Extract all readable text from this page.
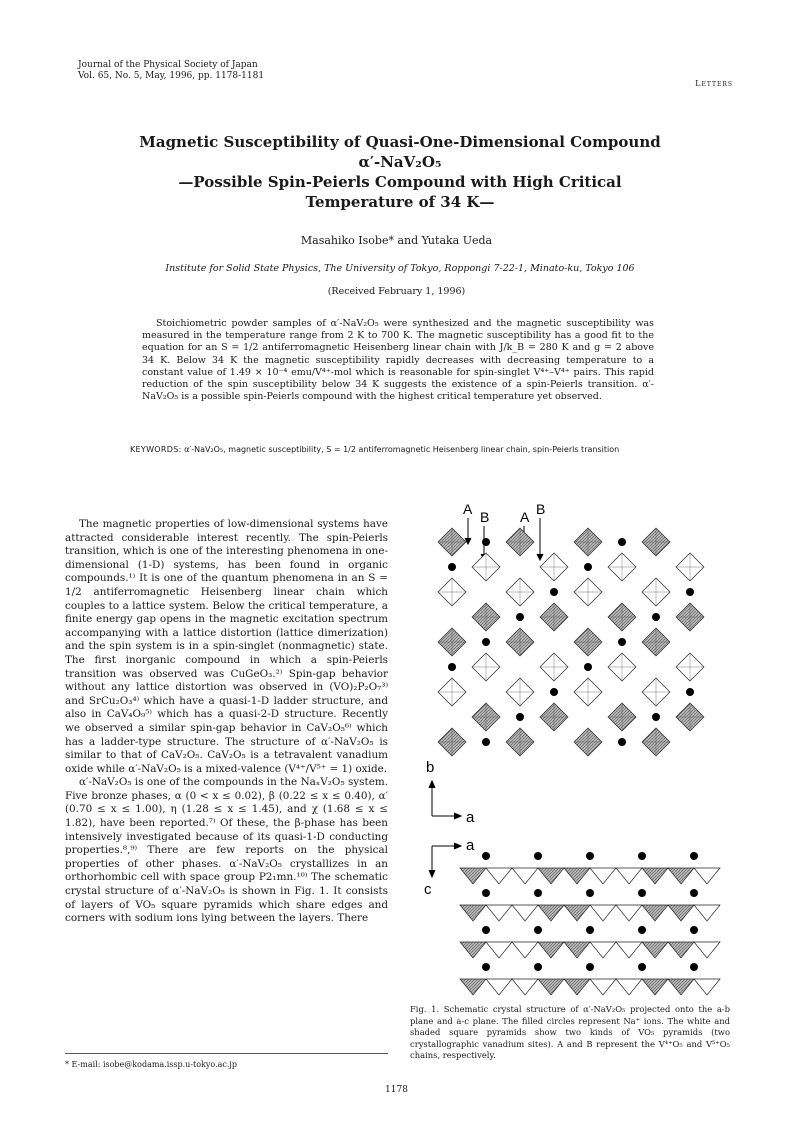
Journal of the Physical Society of Japan
Vol. 65, No. 5, May, 1996, pp. 1178-1181
Letters
Magnetic Susceptibility of Quasi-One-Dimensional Compound
α′-NaV₂O₅
—Possible Spin-Peierls Compound with High Critical
Temperature of 34 K—
Masahiko Isobe* and Yutaka Ueda
Institute for Solid State Physics, The University of Tokyo, Roppongi 7-22-1, Minato-ku, Tokyo 106
(Received February 1, 1996)
Stoichiometric powder samples of α′-NaV₂O₅ were synthesized and the magnetic susceptibility was measured in the temperature range from 2 K to 700 K. The magnetic susceptibility has a good fit to the equation for an S = 1/2 antiferromagnetic Heisenberg linear chain with J/k_B = 280 K and g = 2 above 34 K. Below 34 K the magnetic susceptibility rapidly decreases with decreasing temperature to a constant value of 1.49 × 10⁻⁴ emu/V⁴⁺-mol which is reasonable for spin-singlet V⁴⁺–V⁴⁺ pairs. This rapid reduction of the spin susceptibility below 34 K suggests the existence of a spin-Peierls transition. α′-NaV₂O₅ is a possible spin-Peierls compound with the highest critical temperature yet observed.
KEYWORDS: α′-NaV₂O₅, magnetic susceptibility, S = 1/2 antiferromagnetic Heisenberg linear chain, spin-Peierls transition

The magnetic properties of low-dimensional systems have attracted considerable interest recently. The spin-Peierls transition, which is one of the interesting phenomena in one-dimensional (1-D) systems, has been found in organic compounds.¹⁾ It is one of the quantum phenomena in an S = 1/2 antiferromagnetic Heisenberg linear chain which couples to a lattice system. Below the critical temperature, a finite energy gap opens in the magnetic excitation spectrum accompanying with a lattice distortion (lattice dimerization) and the spin system is in a spin-singlet (nonmagnetic) state. The first inorganic compound in which a spin-Peierls transition was observed was CuGeO₃.²⁾ Spin-gap behavior without any lattice distortion was observed in (VO)₂P₂O₇³⁾ and SrCu₂O₃⁴⁾ which have a quasi-1-D ladder structure, and also in CaV₄O₉⁵⁾ which has a quasi-2-D structure. Recently we observed a similar spin-gap behavior in CaV₂O₅⁶⁾ which has a ladder-type structure. The structure of α′-NaV₂O₅ is similar to that of CaV₂O₅. CaV₂O₅ is a tetravalent vanadium oxide while α′-NaV₂O₅ is a mixed-valence (V⁴⁺/V⁵⁺ = 1) oxide.

α′-NaV₂O₅ is one of the compounds in the NaₓV₂O₅ system. Five bronze phases, α (0 < x ≤ 0.02), β (0.22 ≤ x ≤ 0.40), α′ (0.70 ≤ x ≤ 1.00), η (1.28 ≤ x ≤ 1.45), and χ (1.68 ≤ x ≤ 1.82), have been reported.⁷⁾ Of these, the β-phase has been intensively investigated because of its quasi-1-D conducting properties.⁸,⁹⁾ There are few reports on the physical properties of other phases. α′-NaV₂O₅ crystallizes in an orthorhombic cell with space group P2₁mn.¹⁰⁾ The schematic crystal structure of α′-NaV₂O₅ is shown in Fig. 1. It consists of layers of VO₅ square pyramids which share edges and corners with sodium ions lying between the layers. There

* E-mail: isobe@kodama.issp.u-tokyo.ac.jp
A B A B
b
a
a
c
Fig. 1. Schematic crystal structure of α′-NaV₂O₅ projected onto the a-b plane and a-c plane. The filled circles represent Na⁺ ions. The white and shaded square pyramids show two kinds of VO₅ pyramids (two crystallographic vanadium sites). A and B represent the V⁴⁺O₅ and V⁵⁺O₅ chains, respectively.
1178
